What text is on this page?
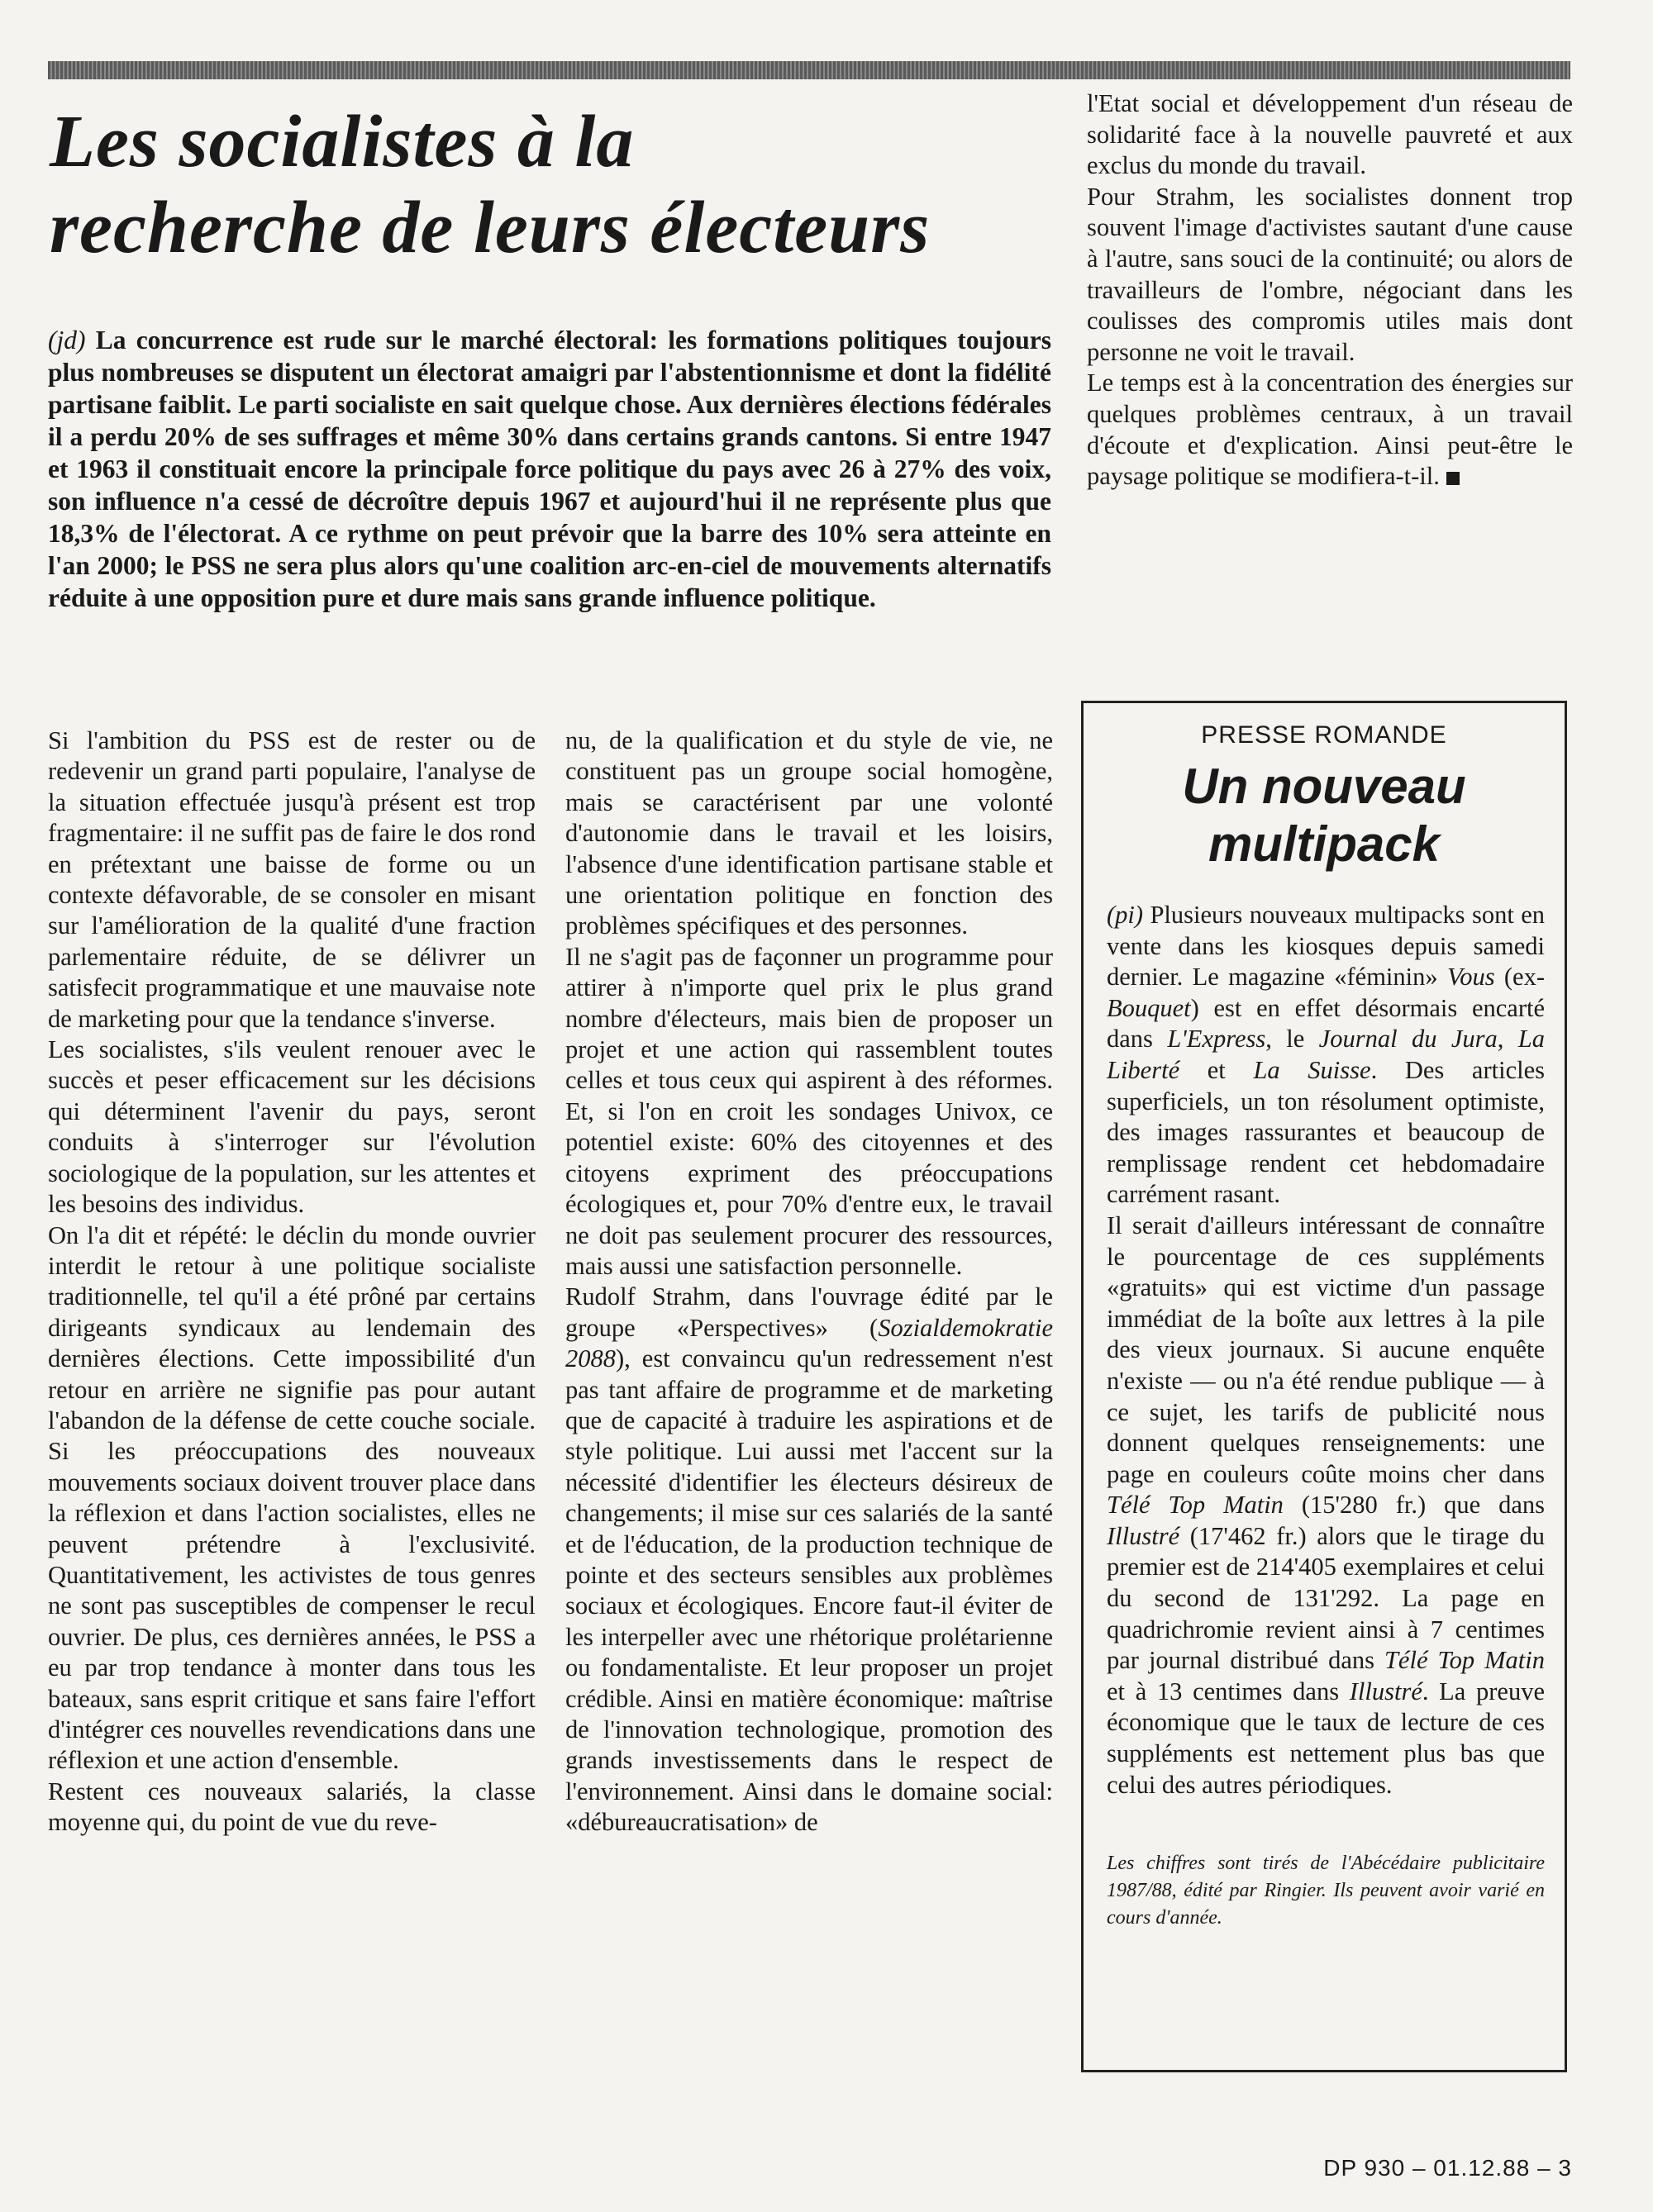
Les socialistes à la
recherche de leurs électeurs

(jd) La concurrence est rude sur le marché électoral: les formations politiques toujours plus nombreuses se disputent un électorat amaigri par l'abstentionnisme et dont la fidélité partisane faiblit. Le parti socialiste en sait quelque chose. Aux dernières élections fédérales il a perdu 20% de ses suffrages et même 30% dans certains grands cantons. Si entre 1947 et 1963 il constituait encore la principale force politique du pays avec 26 à 27% des voix, son influence n'a cessé de décroître depuis 1967 et aujourd'hui il ne représente plus que 18,3% de l'électorat. A ce rythme on peut prévoir que la barre des 10% sera atteinte en l'an 2000; le PSS ne sera plus alors qu'une coalition arc-en-ciel de mouvements alternatifs réduite à une opposition pure et dure mais sans grande influence politique.

Si l'ambition du PSS est de rester ou de redevenir un grand parti populaire, l'analyse de la situation effectuée jusqu'à présent est trop fragmentaire: il ne suffit pas de faire le dos rond en prétextant une baisse de forme ou un contexte défavorable, de se consoler en misant sur l'amélioration de la qualité d'une fraction parlementaire réduite, de se délivrer un satisfecit programmatique et une mauvaise note de marketing pour que la tendance s'inverse.

Les socialistes, s'ils veulent renouer avec le succès et peser efficacement sur les décisions qui déterminent l'avenir du pays, seront conduits à s'interroger sur l'évolution sociologique de la population, sur les attentes et les besoins des individus.

On l'a dit et répété: le déclin du monde ouvrier interdit le retour à une politique socialiste traditionnelle, tel qu'il a été prôné par certains dirigeants syndicaux au lendemain des dernières élections. Cette impossibilité d'un retour en arrière ne signifie pas pour autant l'abandon de la défense de cette couche sociale. Si les préoccupations des nouveaux mouvements sociaux doivent trouver place dans la réflexion et dans l'action socialistes, elles ne peuvent prétendre à l'exclusivité. Quantitativement, les activistes de tous genres ne sont pas susceptibles de compenser le recul ouvrier. De plus, ces dernières années, le PSS a eu par trop tendance à monter dans tous les bateaux, sans esprit critique et sans faire l'effort d'intégrer ces nouvelles revendications dans une réflexion et une action d'ensemble.

Restent ces nouveaux salariés, la classe moyenne qui, du point de vue du reve-

nu, de la qualification et du style de vie, ne constituent pas un groupe social homogène, mais se caractérisent par une volonté d'autonomie dans le travail et les loisirs, l'absence d'une identification partisane stable et une orientation politique en fonction des problèmes spécifiques et des personnes.

Il ne s'agit pas de façonner un programme pour attirer à n'importe quel prix le plus grand nombre d'électeurs, mais bien de proposer un projet et une action qui rassemblent toutes celles et tous ceux qui aspirent à des réformes. Et, si l'on en croit les sondages Univox, ce potentiel existe: 60% des citoyennes et des citoyens expriment des préoccupations écologiques et, pour 70% d'entre eux, le travail ne doit pas seulement procurer des ressources, mais aussi une satisfaction personnelle.

Rudolf Strahm, dans l'ouvrage édité par le groupe «Perspectives» (Sozialdemokratie 2088), est convaincu qu'un redressement n'est pas tant affaire de programme et de marketing que de capacité à traduire les aspirations et de style politique. Lui aussi met l'accent sur la nécessité d'identifier les électeurs désireux de changements; il mise sur ces salariés de la santé et de l'éducation, de la production technique de pointe et des secteurs sensibles aux problèmes sociaux et écologiques. Encore faut-il éviter de les interpeller avec une rhétorique prolétarienne ou fondamentaliste. Et leur proposer un projet crédible. Ainsi en matière économique: maîtrise de l'innovation technologique, promotion des grands investissements dans le respect de l'environnement. Ainsi dans le domaine social: «débureaucratisation» de

l'Etat social et développement d'un réseau de solidarité face à la nouvelle pauvreté et aux exclus du monde du travail.

Pour Strahm, les socialistes donnent trop souvent l'image d'activistes sautant d'une cause à l'autre, sans souci de la continuité; ou alors de travailleurs de l'ombre, négociant dans les coulisses des compromis utiles mais dont personne ne voit le travail.

Le temps est à la concentration des énergies sur quelques problèmes centraux, à un travail d'écoute et d'explication. Ainsi peut-être le paysage politique se modifiera-t-il.

PRESSE ROMANDE
Un nouveau
multipack

(pi) Plusieurs nouveaux multipacks sont en vente dans les kiosques depuis samedi dernier. Le magazine «féminin» Vous (ex-Bouquet) est en effet désormais encarté dans L'Express, le Journal du Jura, La Liberté et La Suisse. Des articles superficiels, un ton résolument optimiste, des images rassurantes et beaucoup de remplissage rendent cet hebdomadaire carrément rasant.

Il serait d'ailleurs intéressant de connaître le pourcentage de ces suppléments «gratuits» qui est victime d'un passage immédiat de la boîte aux lettres à la pile des vieux journaux. Si aucune enquête n'existe — ou n'a été rendue publique — à ce sujet, les tarifs de publicité nous donnent quelques renseignements: une page en couleurs coûte moins cher dans Télé Top Matin (15'280 fr.) que dans Illustré (17'462 fr.) alors que le tirage du premier est de 214'405 exemplaires et celui du second de 131'292. La page en quadrichromie revient ainsi à 7 centimes par journal distribué dans Télé Top Matin et à 13 centimes dans Illustré. La preuve économique que le taux de lecture de ces suppléments est nettement plus bas que celui des autres périodiques.

Les chiffres sont tirés de l'Abécédaire publicitaire 1987/88, édité par Ringier. Ils peuvent avoir varié en cours d'année.

DP 930 – 01.12.88 – 3
